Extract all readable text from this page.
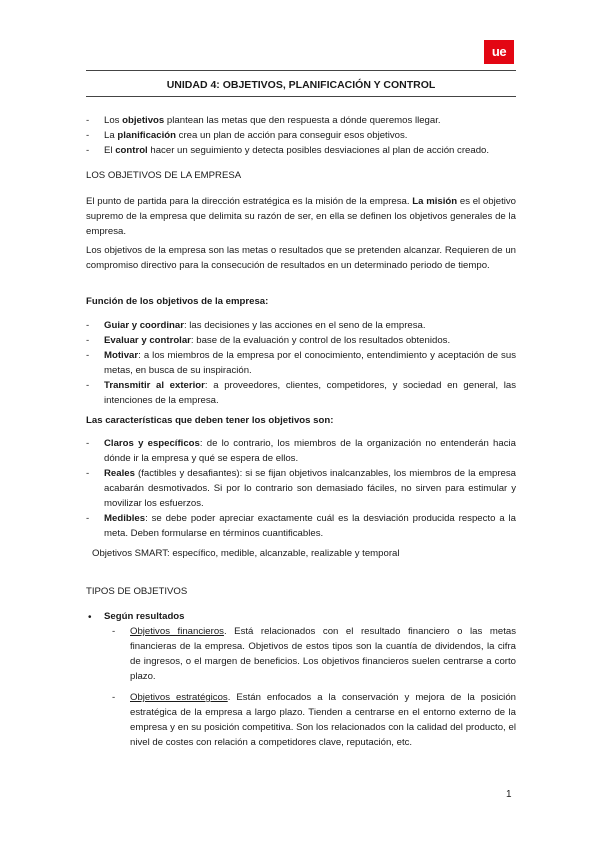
ue
UNIDAD 4: OBJETIVOS, PLANIFICACIÓN Y CONTROL
- Los objetivos plantean las metas que den respuesta a dónde queremos llegar.
- La planificación crea un plan de acción para conseguir esos objetivos.
- El control hacer un seguimiento y detecta posibles desviaciones al plan de acción creado.
LOS OBJETIVOS DE LA EMPRESA
El punto de partida para la dirección estratégica es la misión de la empresa. La misión es el objetivo supremo de la empresa que delimita su razón de ser, en ella se definen los objetivos generales de la empresa.
Los objetivos de la empresa son las metas o resultados que se pretenden alcanzar. Requieren de un compromiso directivo para la consecución de resultados en un determinado periodo de tiempo.
Función de los objetivos de la empresa:
- Guiar y coordinar: las decisiones y las acciones en el seno de la empresa.
- Evaluar y controlar: base de la evaluación y control de los resultados obtenidos.
- Motivar: a los miembros de la empresa por el conocimiento, entendimiento y aceptación de sus metas, en busca de su inspiración.
- Transmitir al exterior: a proveedores, clientes, competidores, y sociedad en general, las intenciones de la empresa.
Las características que deben tener los objetivos son:
- Claros y específicos: de lo contrario, los miembros de la organización no entenderán hacia dónde ir la empresa y qué se espera de ellos.
- Reales (factibles y desafiantes): si se fijan objetivos inalcanzables, los miembros de la empresa acabarán desmotivados. Si por lo contrario son demasiado fáciles, no sirven para estimular y movilizar los esfuerzos.
- Medibles: se debe poder apreciar exactamente cuál es la desviación producida respecto a la meta. Deben formularse en términos cuantificables.
Objetivos SMART: específico, medible, alcanzable, realizable y temporal
TIPOS DE OBJETIVOS
• Según resultados
- Objetivos financieros. Está relacionados con el resultado financiero o las metas financieras de la empresa. Objetivos de estos tipos son la cuantía de dividendos, la cifra de ingresos, o el margen de beneficios. Los objetivos financieros suelen centrarse a corto plazo.
- Objetivos estratégicos. Están enfocados a la conservación y mejora de la posición estratégica de la empresa a largo plazo. Tienden a centrarse en el entorno externo de la empresa y en su posición competitiva. Son los relacionados con la calidad del producto, el nivel de costes con relación a competidores clave, reputación, etc.
1
